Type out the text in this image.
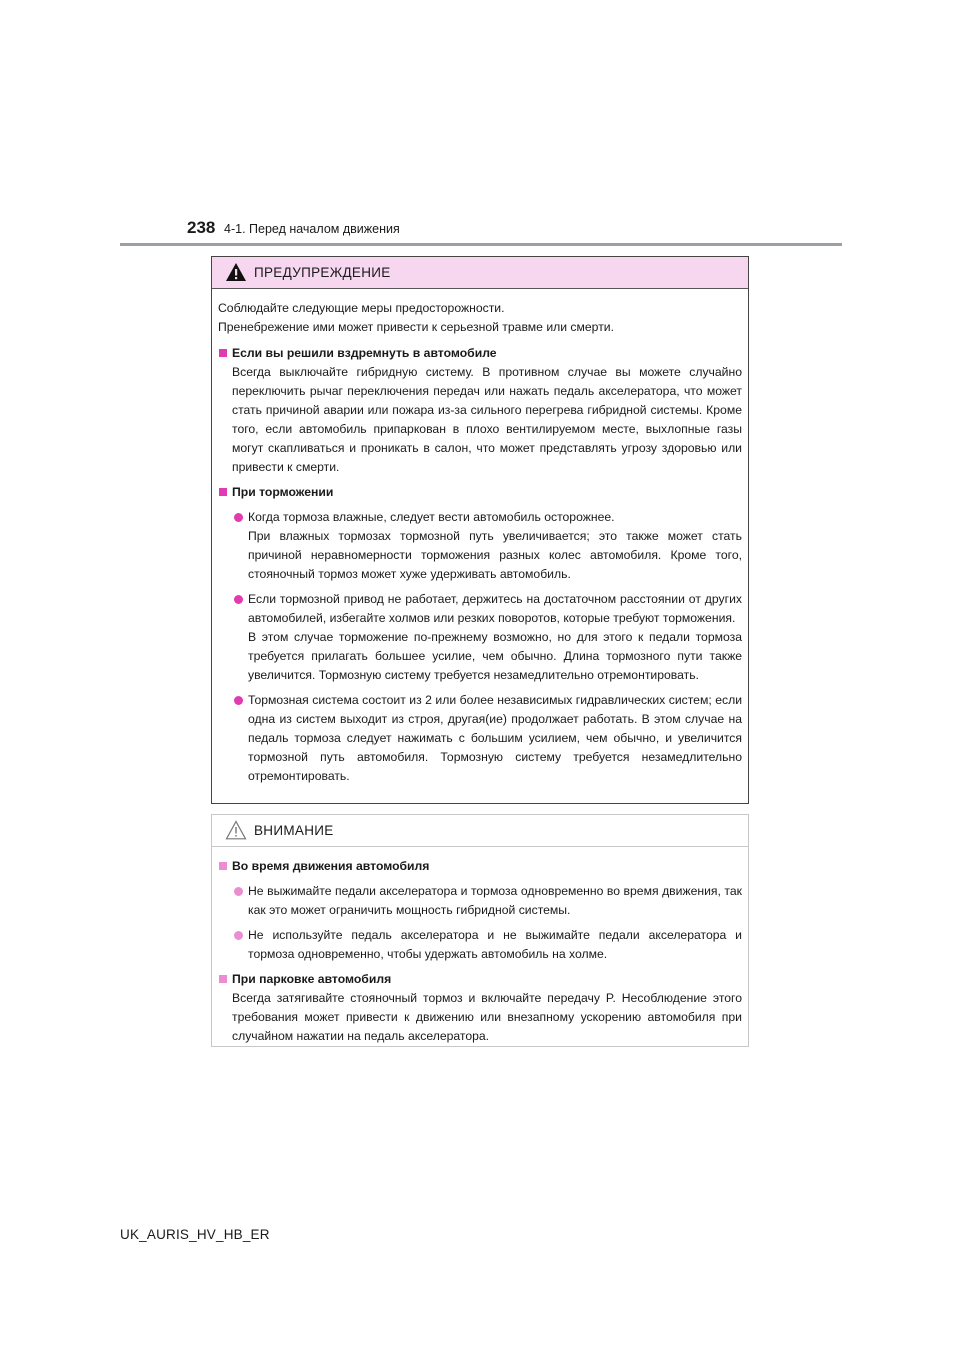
238 4-1. Перед началом движения
ПРЕДУПРЕЖДЕНИЕ

Соблюдайте следующие меры предосторожности.

Пренебрежение ими может привести к серьезной травме или смерти.

Если вы решили вздремнуть в автомобиле

Всегда выключайте гибридную систему. В противном случае вы можете случайно переключить рычаг переключения передач или нажать педаль акселератора, что может стать причиной аварии или пожара из-за сильного перегрева гибридной системы. Кроме того, если автомобиль припаркован в плохо вентилируемом месте, выхлопные газы могут скапливаться и проникать в салон, что может представлять угрозу здоровью или привести к смерти.

При торможении
Когда тормоза влажные, следует вести автомобиль осторожнее.
При влажных тормозах тормозной путь увеличивается; это также может стать причиной неравномерности торможения разных колес автомобиля. Кроме того, стояночный тормоз может хуже удерживать автомобиль.
Если тормозной привод не работает, держитесь на достаточном расстоянии от других автомобилей, избегайте холмов или резких поворотов, которые требуют торможения.
В этом случае торможение по-прежнему возможно, но для этого к педали тормоза требуется прилагать большее усилие, чем обычно. Длина тормозного пути также увеличится. Тормозную систему требуется незамедлительно отремонтировать.
Тормозная система состоит из 2 или более независимых гидравлических систем; если одна из систем выходит из строя, другая(ие) продолжает работать. В этом случае на педаль тормоза следует нажимать с большим усилием, чем обычно, и увеличится тормозной путь автомобиля. Тормозную систему требуется незамедлительно отремонтировать.
ВНИМАНИЕ
Во время движения автомобиля
Не выжимайте педали акселератора и тормоза одновременно во время движения, так как это может ограничить мощность гибридной системы.
Не используйте педаль акселератора и не выжимайте педали акселератора и тормоза одновременно, чтобы удержать автомобиль на холме.
При парковке автомобиля

Всегда затягивайте стояночный тормоз и включайте передачу P. Несоблюдение этого требования может привести к движению или внезапному ускорению автомобиля при случайном нажатии на педаль акселератора.

UK_AURIS_HV_HB_ER
